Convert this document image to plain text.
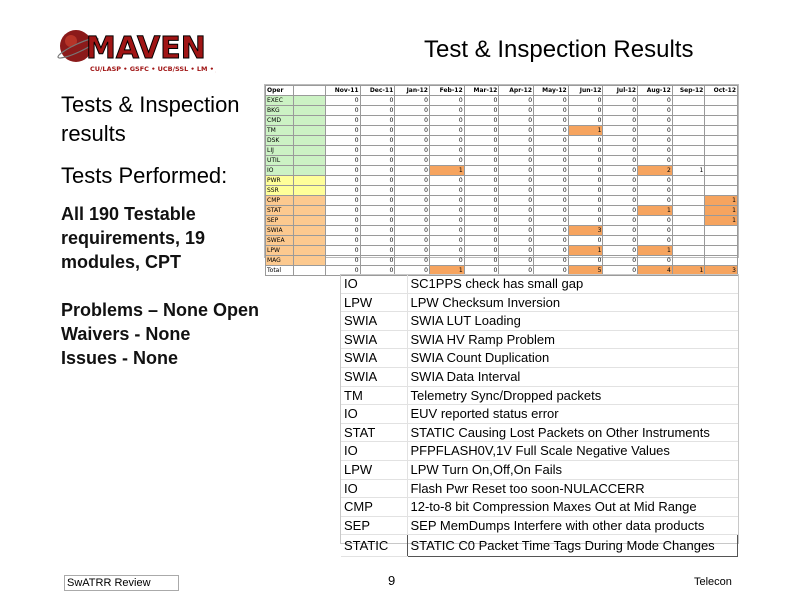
MAVEN
CU/LASP • GSFC • UCB/SSL • LM • JPL
Test & Inspection Results
Tests & Inspection results
Tests Performed:
All 190 Testable requirements, 19 modules, CPT
Problems – None Open
Waivers - None
Issues - None
Oper		Nov-11	Dec-11	Jan-12	Feb-12	Mar-12	Apr-12	May-12	Jun-12	Jul-12	Aug-12	Sep-12	Oct-12
EXEC		0	0	0	0	0	0	0	0	0	0		
BKG		0	0	0	0	0	0	0	0	0	0		
CMD		0	0	0	0	0	0	0	0	0	0		
TM		0	0	0	0	0	0	0	1	0	0		
DSK		0	0	0	0	0	0	0	0	0	0		
LIJ		0	0	0	0	0	0	0	0	0	0		
UTIL		0	0	0	0	0	0	0	0	0	0		
IO		0	0	0	1	0	0	0	0	0	2	1	
PWR		0	0	0	0	0	0	0	0	0	0		
SSR		0	0	0	0	0	0	0	0	0	0		
CMP		0	0	0	0	0	0	0	0	0	0		1
STAT		0	0	0	0	0	0	0	0	0	1		1
SEP		0	0	0	0	0	0	0	0	0	0		1
SWIA		0	0	0	0	0	0	0	3	0	0		
SWEA		0	0	0	0	0	0	0	0	0	0		
LPW		0	0	0	0	0	0	0	1	0	1		
MAG		0	0	0	0	0	0	0	0	0	0		
Total		0	0	0	1	0	0	0	5	0	4	1	3
IO	SC1PPS check has small gap
LPW	LPW Checksum Inversion
SWIA	SWIA LUT Loading
SWIA	SWIA HV Ramp Problem
SWIA	SWIA Count Duplication
SWIA	SWIA Data Interval
TM	Telemetry Sync/Dropped packets
IO	EUV reported status error
STAT	STATIC Causing Lost Packets on Other Instruments
IO	PFPFLASH0V,1V Full Scale Negative Values
LPW	LPW Turn On,Off,On Fails
IO	Flash Pwr Reset too soon-NULACCERR
CMP	12-to-8 bit Compression Maxes Out at Mid Range
SEP	SEP MemDumps Interfere with other data products
STATIC	STATIC C0 Packet Time Tags During Mode Changes
SwATRR Review	9	Telecon
